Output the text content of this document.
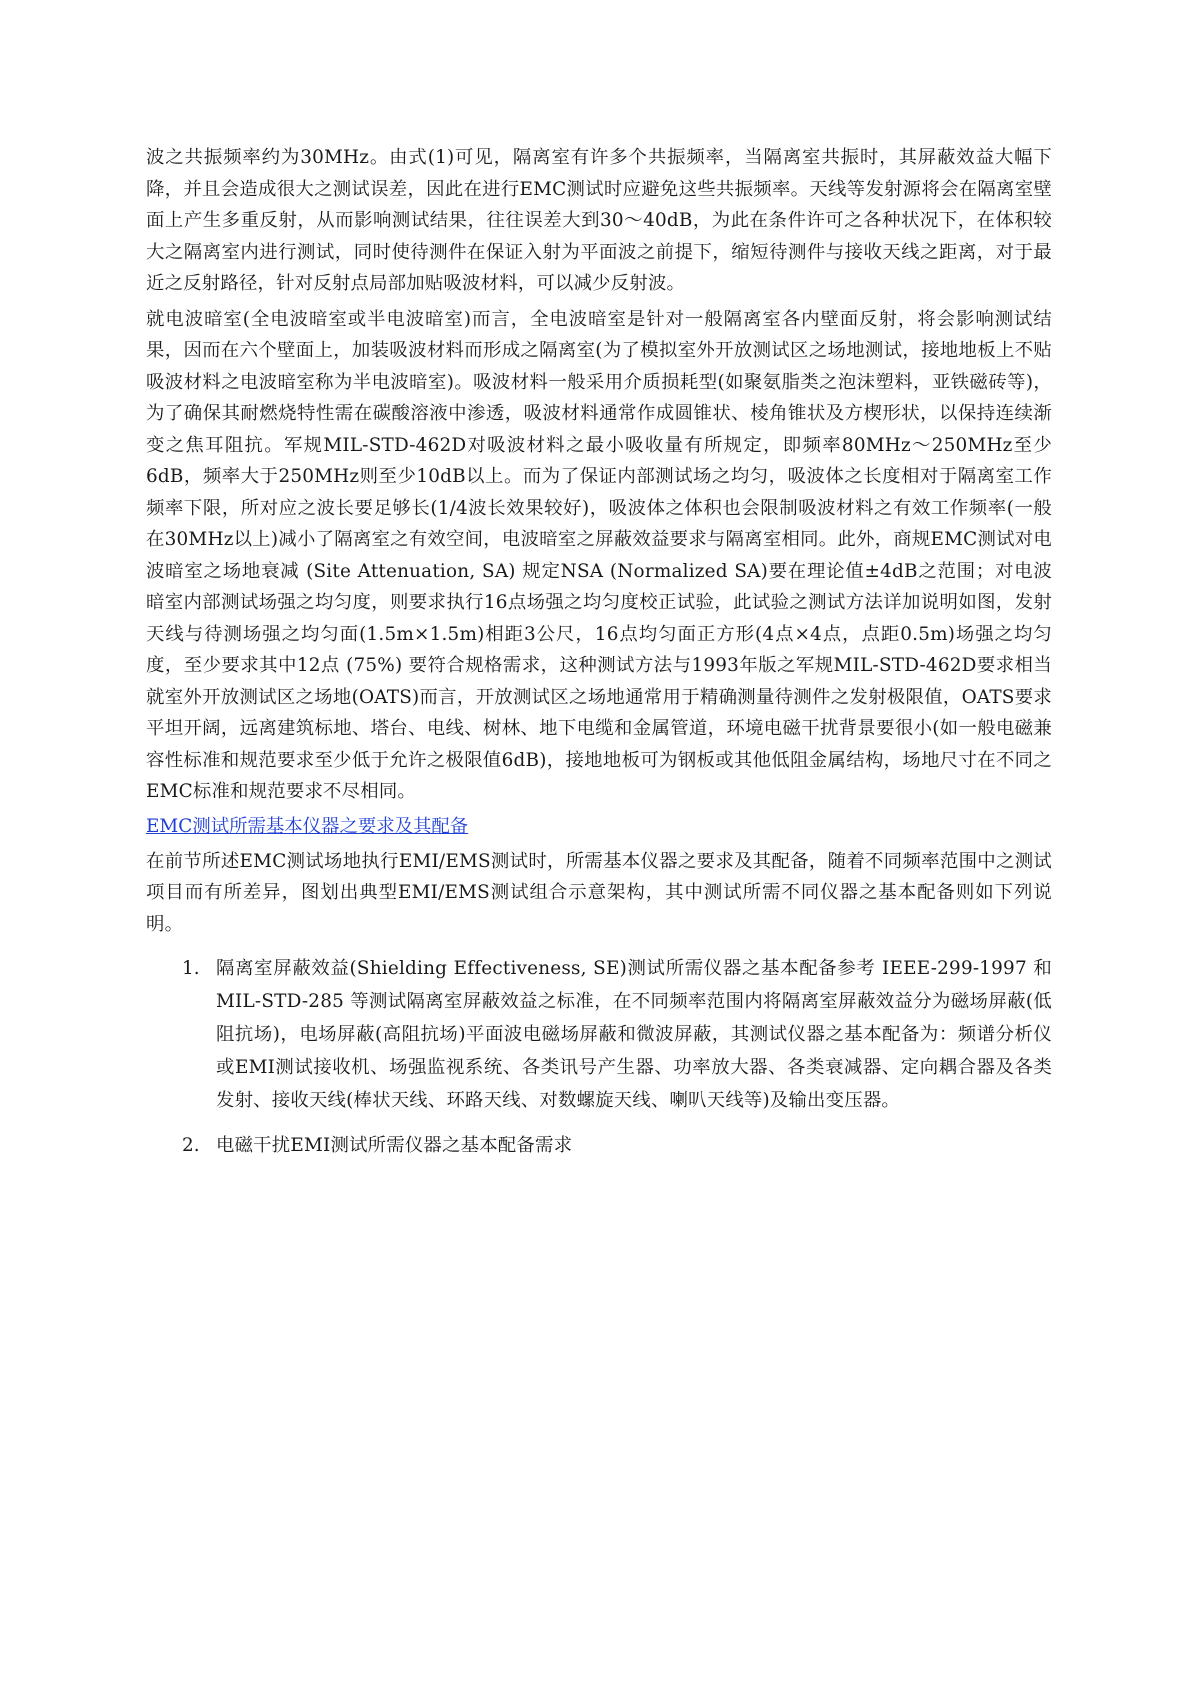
波之共振频率约为30MHz。由式(1)可见，隔离室有许多个共振频率，当隔离室共振时，其屏蔽效益大幅下降，并且会造成很大之测试误差，因此在进行EMC测试时应避免这些共振频率。天线等发射源将会在隔离室壁面上产生多重反射，从而影响测试结果，往往误差大到30～40dB，为此在条件许可之各种状况下，在体积较大之隔离室内进行测试，同时使待测件在保证入射为平面波之前提下，缩短待测件与接收天线之距离，对于最近之反射路径，针对反射点局部加贴吸波材料，可以减少反射波。

就电波暗室(全电波暗室或半电波暗室)而言，全电波暗室是针对一般隔离室各内壁面反射，将会影响测试结果，因而在六个壁面上，加装吸波材料而形成之隔离室(为了模拟室外开放测试区之场地测试，接地地板上不贴吸波材料之电波暗室称为半电波暗室)。吸波材料一般采用介质损耗型(如聚氨脂类之泡沫塑料，亚铁磁砖等)，为了确保其耐燃烧特性需在碳酸溶液中渗透，吸波材料通常作成圆锥状、棱角锥状及方楔形状，以保持连续渐变之焦耳阻抗。军规MIL-STD-462D对吸波材料之最小吸收量有所规定，即频率80MHz～250MHz至少6dB，频率大于250MHz则至少10dB以上。而为了保证内部测试场之均匀，吸波体之长度相对于隔离室工作频率下限，所对应之波长要足够长(1/4波长效果较好)，吸波体之体积也会限制吸波材料之有效工作频率(一般在30MHz以上)减小了隔离室之有效空间，电波暗室之屏蔽效益要求与隔离室相同。此外，商规EMC测试对电波暗室之场地衰减 (Site Attenuation, SA) 规定NSA (Normalized SA)要在理论值±4dB之范围；对电波暗室内部测试场强之均匀度，则要求执行16点场强之均匀度校正试验，此试验之测试方法详加说明如图，发射天线与待测场强之均匀面(1.5m×1.5m)相距3公尺，16点均匀面正方形(4点×4点，点距0.5m)场强之均匀度，至少要求其中12点 (75%) 要符合规格需求，这种测试方法与1993年版之军规MIL-STD-462D要求相当就室外开放测试区之场地(OATS)而言，开放测试区之场地通常用于精确测量待测件之发射极限值，OATS要求平坦开阔，远离建筑标地、塔台、电线、树林、地下电缆和金属管道，环境电磁干扰背景要很小(如一般电磁兼容性标准和规范要求至少低于允许之极限值6dB)，接地地板可为钢板或其他低阻金属结构，场地尺寸在不同之EMC标准和规范要求不尽相同。

EMC测试所需基本仪器之要求及其配备

在前节所述EMC测试场地执行EMI/EMS测试时，所需基本仪器之要求及其配备，随着不同频率范围中之测试项目而有所差异，图划出典型EMI/EMS测试组合示意架构，其中测试所需不同仪器之基本配备则如下列说明。

1. 隔离室屏蔽效益(Shielding Effectiveness, SE)测试所需仪器之基本配备参考 IEEE-299-1997 和 MIL-STD-285 等测试隔离室屏蔽效益之标准，在不同频率范围内将隔离室屏蔽效益分为磁场屏蔽(低阻抗场)，电场屏蔽(高阻抗场)平面波电磁场屏蔽和微波屏蔽，其测试仪器之基本配备为：频谱分析仪或EMI测试接收机、场强监视系统、各类讯号产生器、功率放大器、各类衰减器、定向耦合器及各类发射、接收天线(棒状天线、环路天线、对数螺旋天线、喇叭天线等)及输出变压器。
2. 电磁干扰EMI测试所需仪器之基本配备需求
